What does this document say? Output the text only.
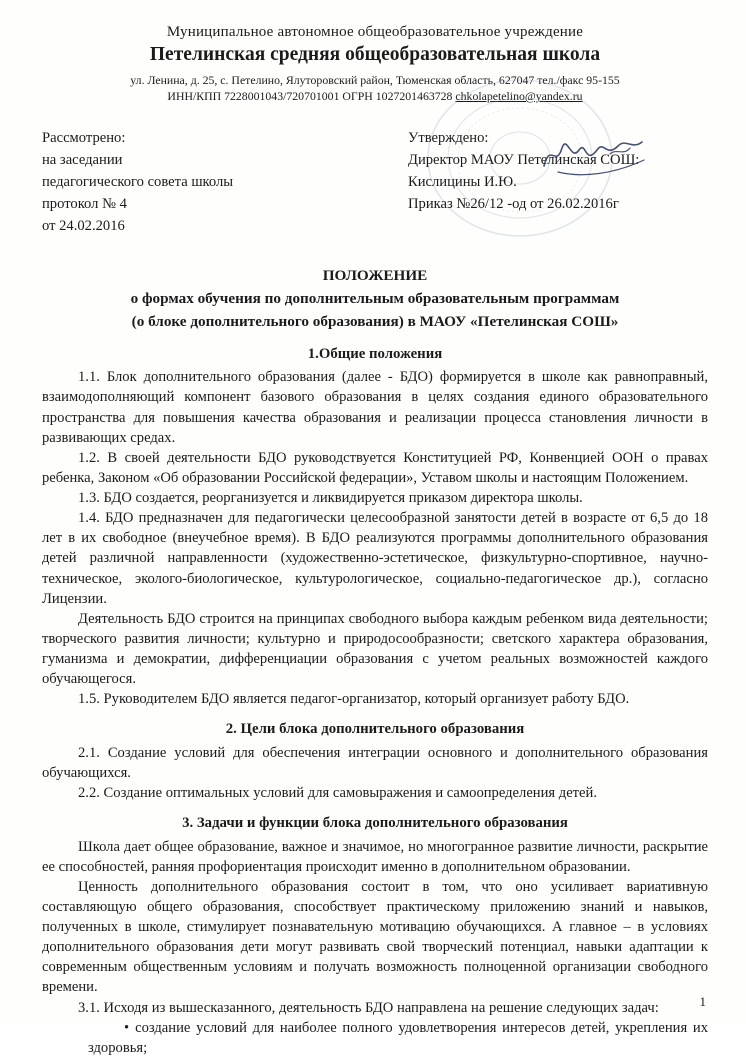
Муниципальное автономное общеобразовательное учреждение
Петелинская средняя общеобразовательная школа
ул. Ленина, д. 25, с. Петелино, Ялуторовский район, Тюменская область, 627047 тел./факс 95-155
ИНН/КПП 7228001043/720701001 ОГРН 1027201463728 chkolapetelino@yandex.ru
Рассмотрено:
на заседании
педагогического совета школы
протокол № 4
от 24.02.2016
Утверждено:
Директор МАОУ Петелинская СОШ:
Кислицины И.Ю.
Приказ №26/12 -од от 26.02.2016г
ПОЛОЖЕНИЕ
о формах обучения по дополнительным образовательным программам
(о блоке дополнительного образования) в МАОУ «Петелинская СОШ»
1.Общие положения

1.1. Блок дополнительного образования (далее - БДО) формируется в школе как равноправный, взаимодополняющий компонент базового образования в целях создания единого образовательного пространства для повышения качества образования и реализации процесса становления личности в развивающих средах.

1.2. В своей деятельности БДО руководствуется Конституцией РФ, Конвенцией ООН о правах ребенка, Законом «Об образовании Российской федерации», Уставом школы и настоящим Положением.

1.3. БДО создается, реорганизуется и ликвидируется приказом директора школы.

1.4. БДО предназначен для педагогически целесообразной занятости детей в возрасте от 6,5 до 18 лет в их свободное (внеучебное время). В БДО реализуются программы дополнительного образования детей различной направленности (художественно-эстетическое, физкультурно-спортивное, научно-техническое, эколого-биологическое, культурологическое, социально-педагогическое др.), согласно Лицензии.

Деятельность БДО строится на принципах свободного выбора каждым ребенком вида деятельности; творческого развития личности; культурно и природосообразности; светского характера образования, гуманизма и демократии, дифференциации образования с учетом реальных возможностей каждого обучающегося.

1.5. Руководителем БДО является педагог-организатор, который организует работу БДО.

2. Цели блока дополнительного образования

2.1. Создание условий для обеспечения интеграции основного и дополнительного образования обучающихся.

2.2. Создание оптимальных условий для самовыражения и самоопределения детей.

3. Задачи и функции блока дополнительного образования

Школа дает общее образование, важное и значимое, но многогранное развитие личности, раскрытие ее способностей, ранняя профориентация происходит именно в дополнительном образовании.

Ценность дополнительного образования состоит в том, что оно усиливает вариативную составляющую общего образования, способствует практическому приложению знаний и навыков, полученных в школе, стимулирует познавательную мотивацию обучающихся. А главное – в условиях дополнительного образования дети могут развивать свой творческий потенциал, навыки адаптации к современным общественным условиям и получать возможность полноценной организации свободного времени.

3.1. Исходя из вышесказанного, деятельность БДО направлена на решение следующих задач:

• создание условий для наиболее полного удовлетворения интересов детей, укрепления их здоровья;

1
